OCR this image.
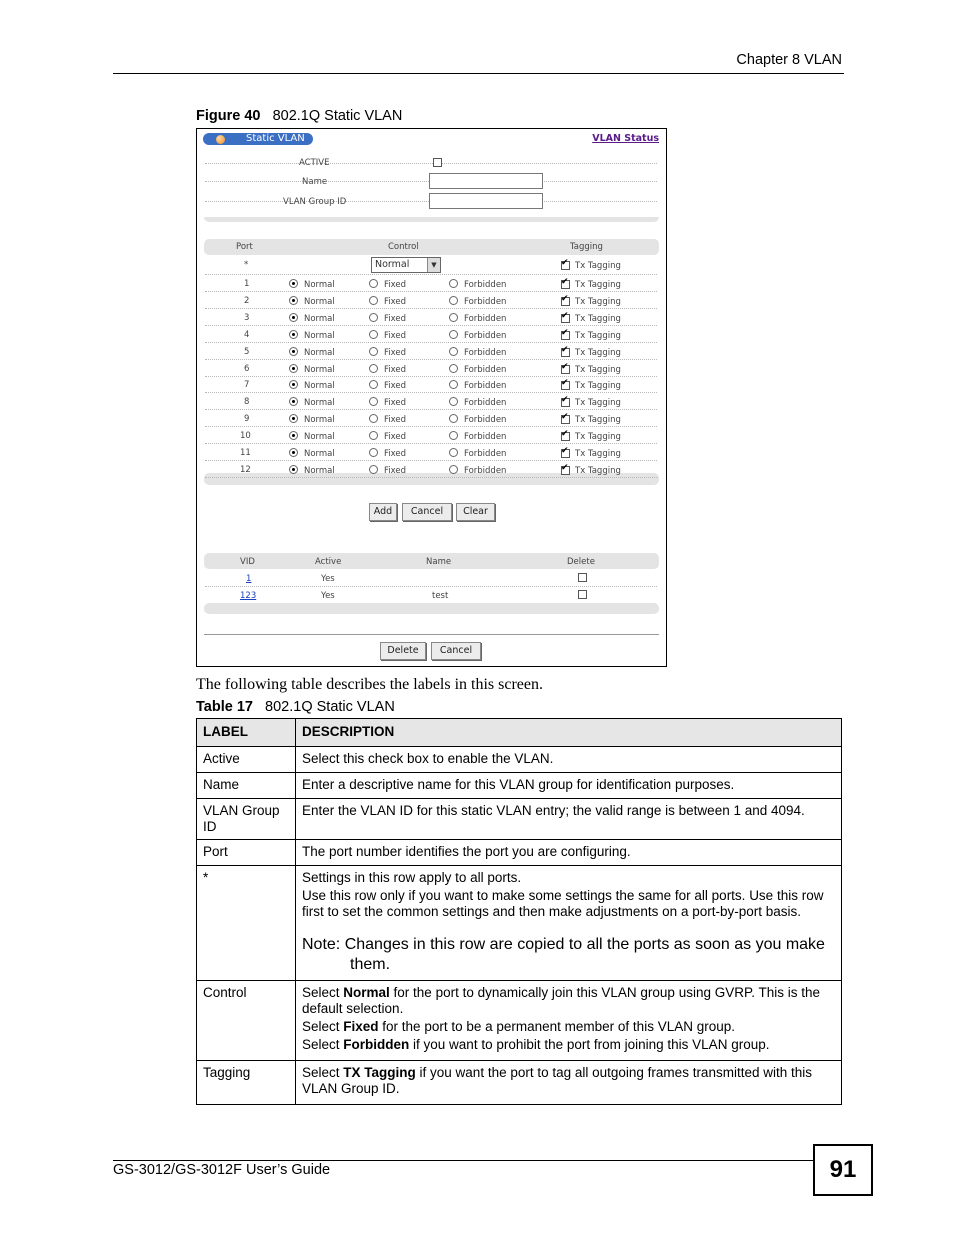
Chapter 8 VLAN
Figure 40 802.1Q Static VLAN
Static VLAN	VLAN Status
ACTIVE
Name
VLAN Group ID
Port	Control	Tagging
*	Normal	▼ ✔	Tx Tagging
1	Normal	Fixed	Forbidden ✔	Tx Tagging
2	Normal	Fixed	Forbidden ✔	Tx Tagging
3	Normal	Fixed	Forbidden ✔	Tx Tagging
4	Normal	Fixed	Forbidden ✔	Tx Tagging
5	Normal	Fixed	Forbidden ✔	Tx Tagging
6	Normal	Fixed	Forbidden ✔	Tx Tagging
7	Normal	Fixed	Forbidden ✔	Tx Tagging
8	Normal	Fixed	Forbidden ✔	Tx Tagging
9	Normal	Fixed	Forbidden ✔	Tx Tagging
10	Normal	Fixed	Forbidden ✔	Tx Tagging
11	Normal	Fixed	Forbidden ✔	Tx Tagging
12	Normal	Fixed	Forbidden ✔	Tx Tagging
Add	Cancel	Clear
VID	Active	Name	Delete
1	Yes
123	Yes	test
Delete	Cancel
The following table describes the labels in this screen.
Table 17 802.1Q Static VLAN
LABEL	DESCRIPTION
Active	Select this check box to enable the VLAN.
Name	Enter a descriptive name for this VLAN group for identification purposes.
VLAN Group ID	Enter the VLAN ID for this static VLAN entry; the valid range is between 1 and 4094.
Port	The port number identifies the port you are configuring.
*	Settings in this row apply to all ports.

Use this row only if you want to make some settings the same for all ports. Use this row first to set the common settings and then make adjustments on a port-by-port basis.

Note: Changes in this row are copied to all the ports as soon as you make them.

Control	Select Normal for the port to dynamically join this VLAN group using GVRP. This is the default selection.

Select Fixed for the port to be a permanent member of this VLAN group.

Select Forbidden if you want to prohibit the port from joining this VLAN group.

Tagging	Select TX Tagging if you want the port to tag all outgoing frames transmitted with this VLAN Group ID.

GS-3012/GS-3012F User’s Guide	91
